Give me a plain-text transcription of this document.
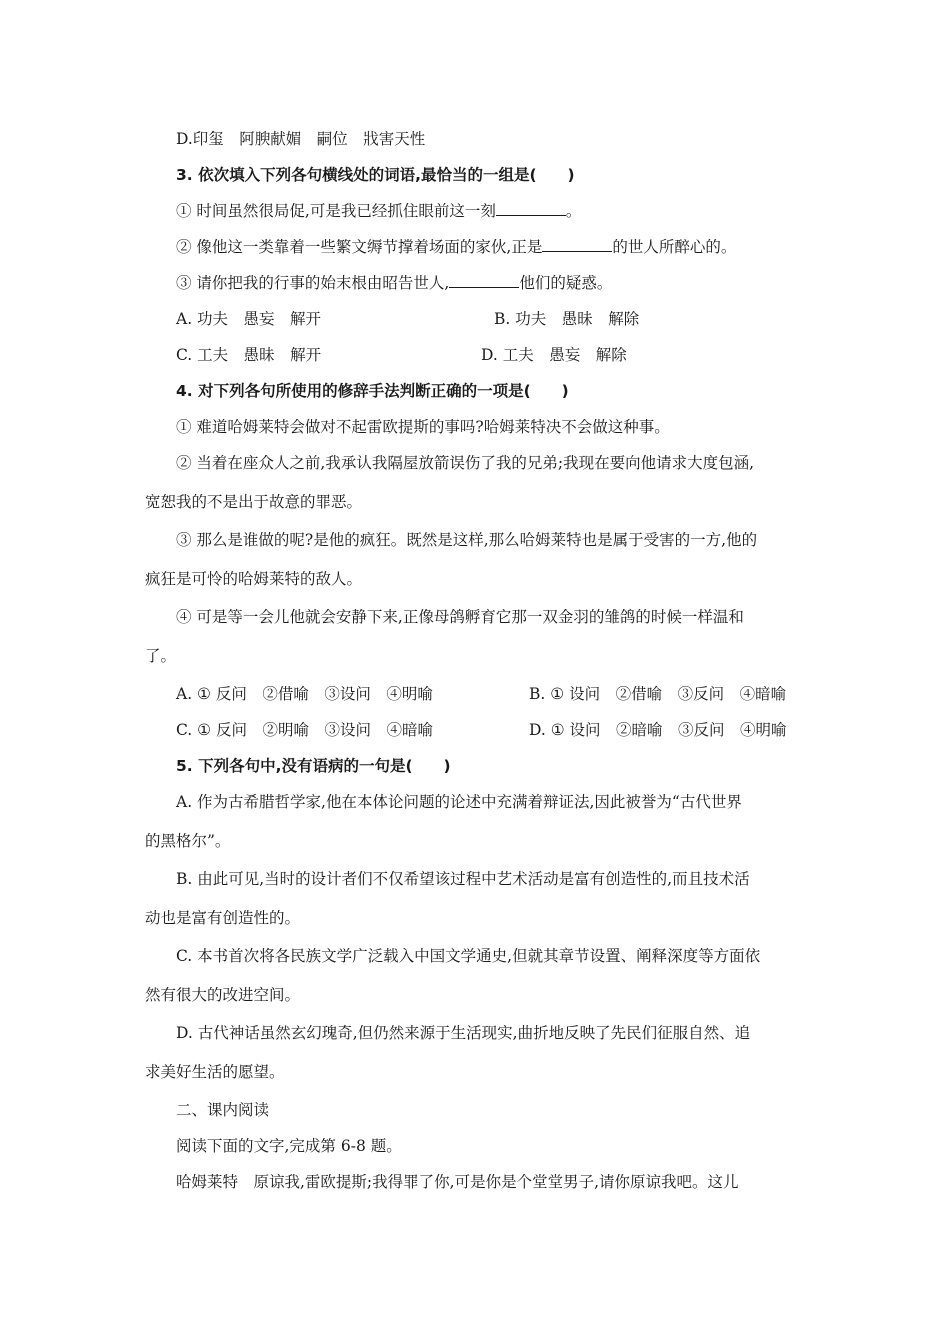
D.印玺　阿腴献媚　嗣位　戕害天性
3. 依次填入下列各句横线处的词语,最恰当的一组是(　　)
① 时间虽然很局促,可是我已经抓住眼前这一刻	。
② 像他这一类靠着一些繁文缛节撑着场面的家伙,正是	的世人所醉心的。
③ 请你把我的行事的始末根由昭告世人,	他们的疑惑。
A. 功夫　愚妄　解开	B. 功夫　愚昧　解除
C. 工夫　愚昧　解开	D. 工夫　愚妄　解除
4. 对下列各句所使用的修辞手法判断正确的一项是(　　)
① 难道哈姆莱特会做对不起雷欧提斯的事吗?哈姆莱特决不会做这种事。
② 当着在座众人之前,我承认我隔屋放箭误伤了我的兄弟;我现在要向他请求大度包涵,
宽恕我的不是出于故意的罪恶。
③ 那么是谁做的呢?是他的疯狂。既然是这样,那么哈姆莱特也是属于受害的一方,他的
疯狂是可怜的哈姆莱特的敌人。
④ 可是等一会儿他就会安静下来,正像母鸽孵育它那一双金羽的雏鸽的时候一样温和
了。
A. ① 反问　②借喻　③设问　④明喻	B. ① 设问　②借喻　③反问　④暗喻
C. ① 反问　②明喻　③设问　④暗喻	D. ① 设问　②暗喻　③反问　④明喻
5. 下列各句中,没有语病的一句是(　　)
A. 作为古希腊哲学家,他在本体论问题的论述中充满着辩证法,因此被誉为“古代世界
的黑格尔”。
B. 由此可见,当时的设计者们不仅希望该过程中艺术活动是富有创造性的,而且技术活
动也是富有创造性的。
C. 本书首次将各民族文学广泛载入中国文学通史,但就其章节设置、阐释深度等方面依
然有很大的改进空间。
D. 古代神话虽然玄幻瑰奇,但仍然来源于生活现实,曲折地反映了先民们征服自然、追
求美好生活的愿望。
二、课内阅读
阅读下面的文字,完成第 6-8 题。
哈姆莱特　原谅我,雷欧提斯;我得罪了你,可是你是个堂堂男子,请你原谅我吧。这儿
